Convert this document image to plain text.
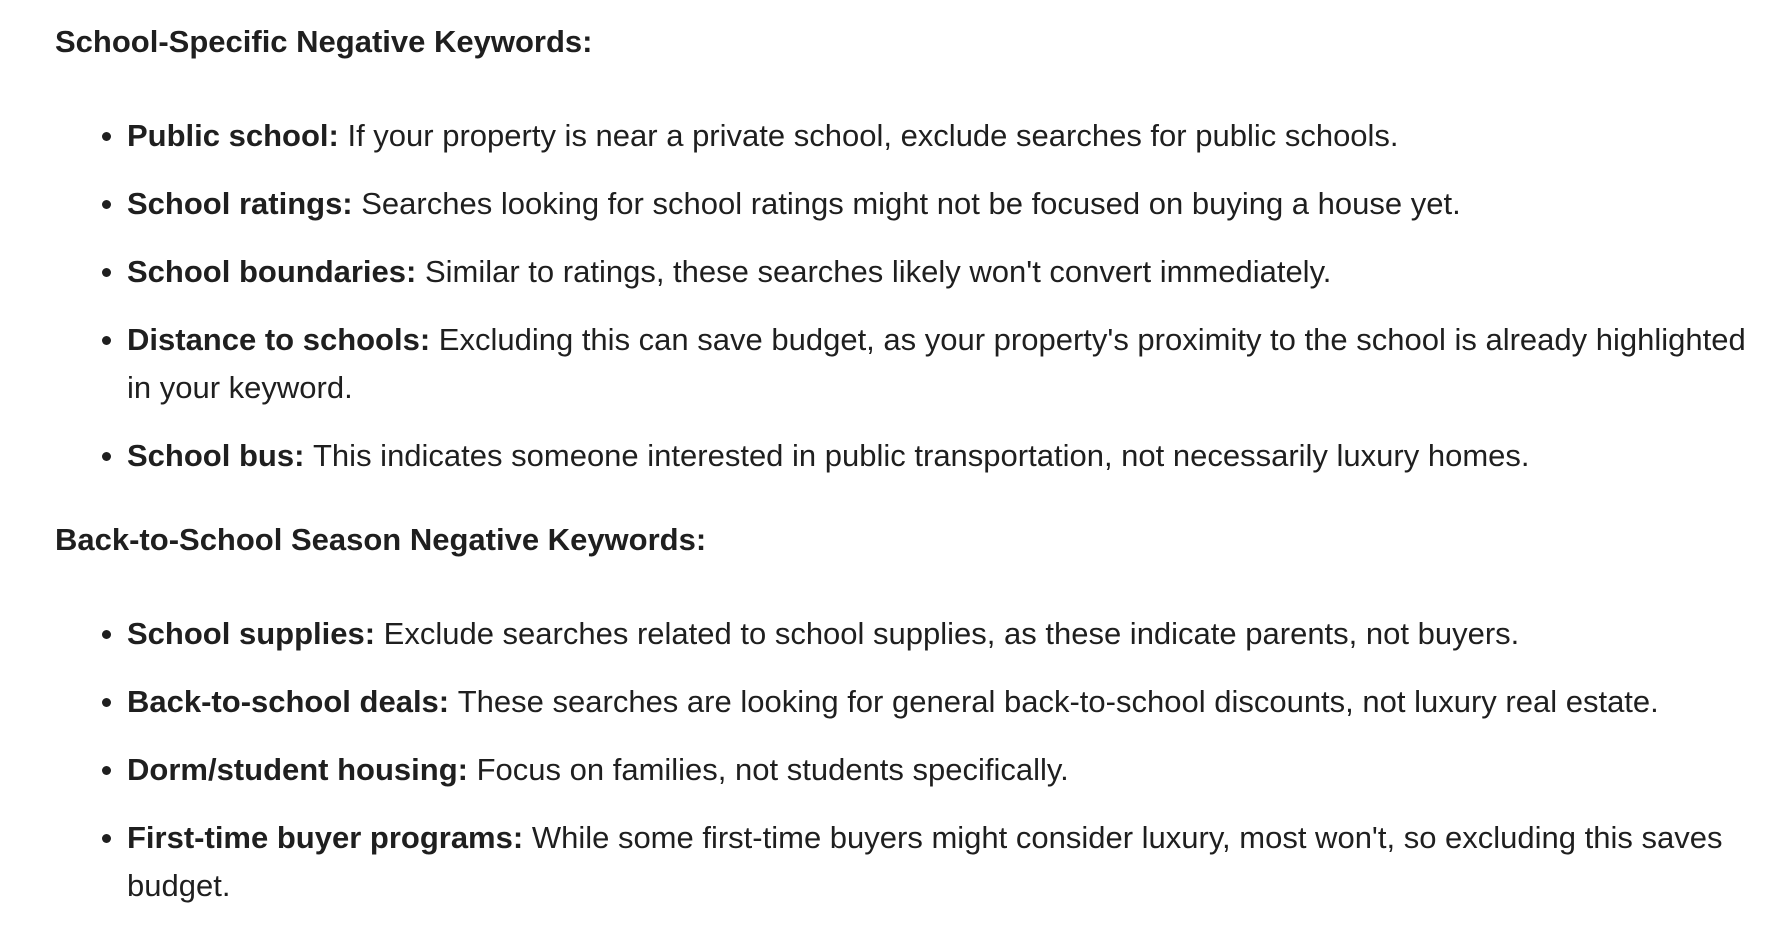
School-Specific Negative Keywords:
Public school: If your property is near a private school, exclude searches for public schools.
School ratings: Searches looking for school ratings might not be focused on buying a house yet.
School boundaries: Similar to ratings, these searches likely won't convert immediately.
Distance to schools: Excluding this can save budget, as your property's proximity to the school is already highlighted in your keyword.
School bus: This indicates someone interested in public transportation, not necessarily luxury homes.
Back-to-School Season Negative Keywords:
School supplies: Exclude searches related to school supplies, as these indicate parents, not buyers.
Back-to-school deals: These searches are looking for general back-to-school discounts, not luxury real estate.
Dorm/student housing: Focus on families, not students specifically.
First-time buyer programs: While some first-time buyers might consider luxury, most won't, so excluding this saves budget.
